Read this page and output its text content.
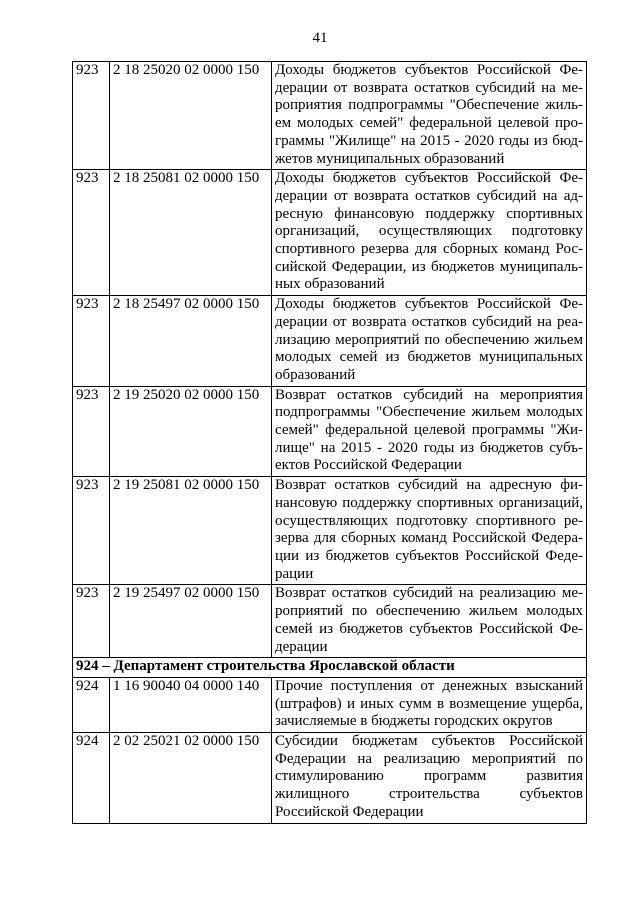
41
923	2 18 25020 02 0000 150	Доходы бюджетов субъектов Российской Федерации от возврата остатков субсидий на мероприятия подпрограммы "Обеспечение жильем молодых семей" федеральной целевой программы "Жилище" на 2015 - 2020 годы из бюджетов муниципальных образований
923	2 18 25081 02 0000 150	Доходы бюджетов субъектов Российской Федерации от возврата остатков субсидий на адресную финансовую поддержку спортивных организаций, осуществляющих подготовку спортивного резерва для сборных команд Российской Федерации, из бюджетов муниципальных образований
923	2 18 25497 02 0000 150	Доходы бюджетов субъектов Российской Федерации от возврата остатков субсидий на реализацию мероприятий по обеспечению жильем молодых семей из бюджетов муниципальных образований
923	2 19 25020 02 0000 150	Возврат остатков субсидий на мероприятия подпрограммы "Обеспечение жильем молодых семей" федеральной целевой программы "Жилище" на 2015 - 2020 годы из бюджетов субъектов Российской Федерации
923	2 19 25081 02 0000 150	Возврат остатков субсидий на адресную финансовую поддержку спортивных организаций, осуществляющих подготовку спортивного резерва для сборных команд Российской Федерации из бюджетов субъектов Российской Федерации
923	2 19 25497 02 0000 150	Возврат остатков субсидий на реализацию мероприятий по обеспечению жильем молодых семей из бюджетов субъектов Российской Федерации
924 – Департамент строительства Ярославской области		
924	1 16 90040 04 0000 140	Прочие поступления от денежных взысканий (штрафов) и иных сумм в возмещение ущерба, зачисляемые в бюджеты городских округов
924	2 02 25021 02 0000 150	Субсидии бюджетам субъектов Российской Федерации на реализацию мероприятий по стимулированию программ развития жилищного строительства субъектов Российской Федерации
